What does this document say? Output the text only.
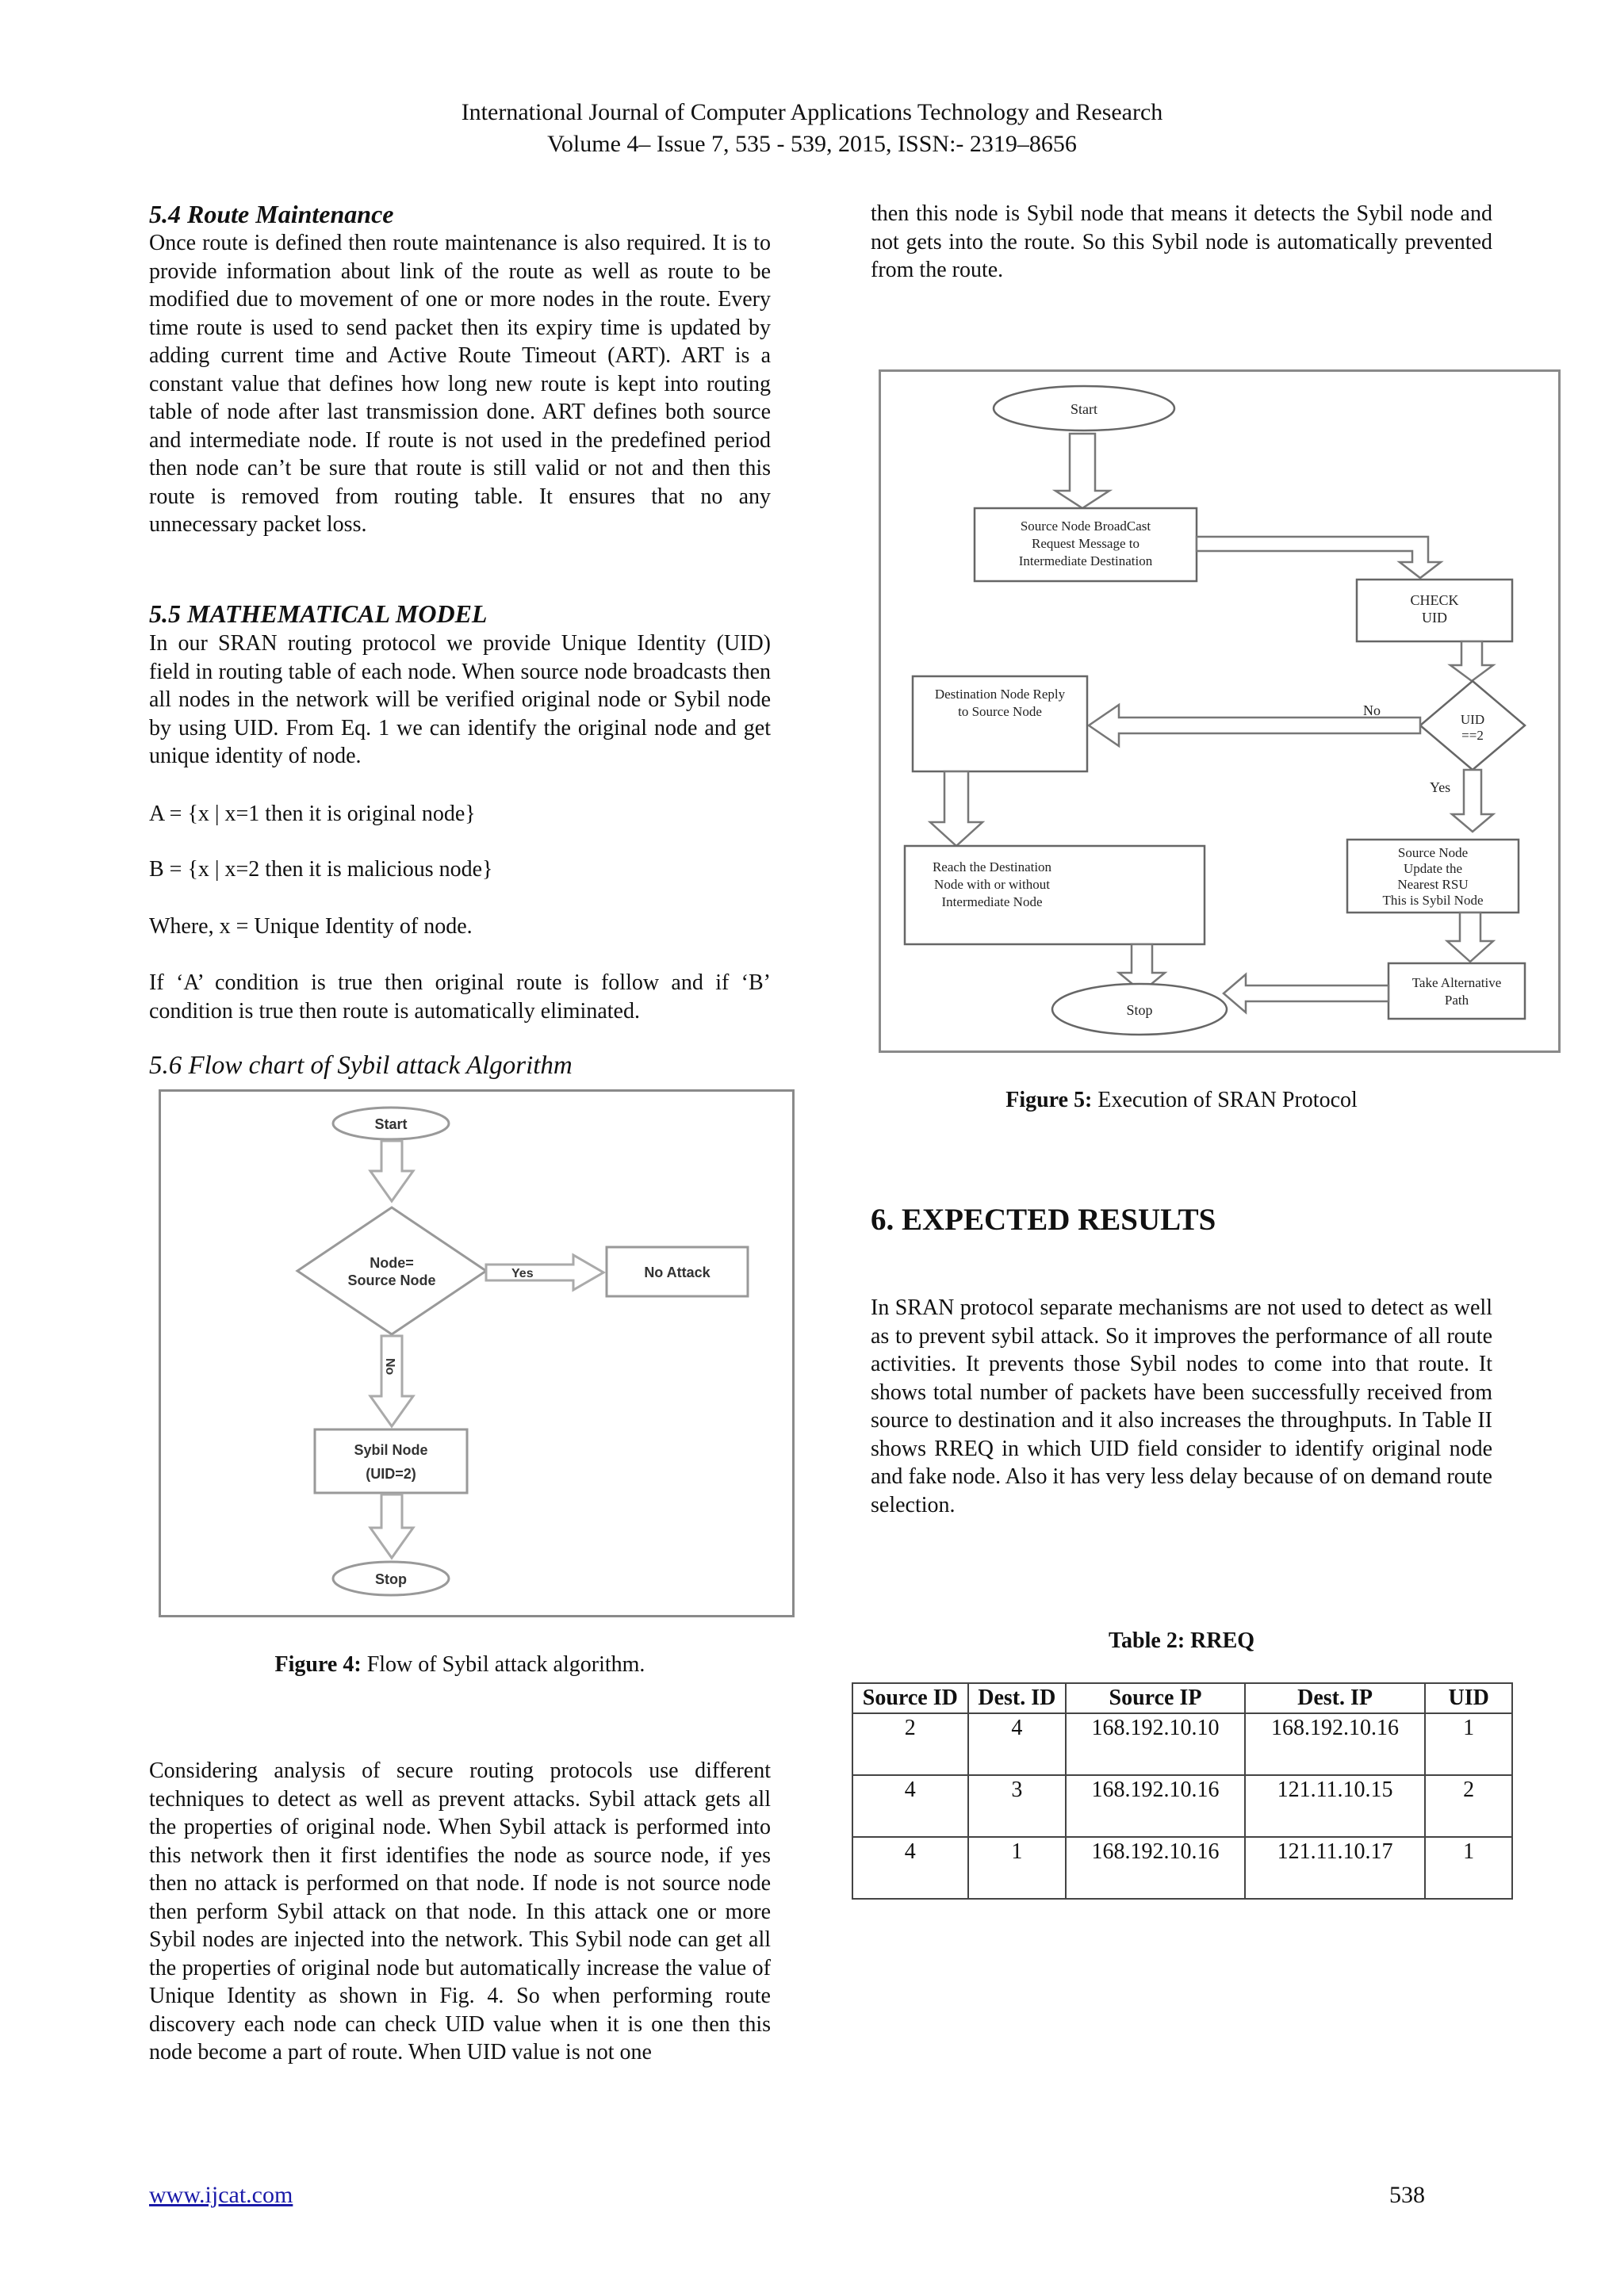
International Journal of Computer Applications Technology and Research
Volume 4– Issue 7, 535 - 539, 2015, ISSN:- 2319–8656
5.4 Route Maintenance

Once route is defined then route maintenance is also required. It is to provide information about link of the route as well as route to be modified due to movement of one or more nodes in the route. Every time route is used to send packet then its expiry time is updated by adding current time and Active Route Timeout (ART). ART is a constant value that defines how long new route is kept into routing table of node after last transmission done. ART defines both source and intermediate node. If route is not used in the predefined period then node can’t be sure that route is still valid or not and then this route is removed from routing table. It ensures that no any unnecessary packet loss.

5.5 MATHEMATICAL MODEL

In our SRAN routing protocol we provide Unique Identity (UID) field in routing table of each node. When source node broadcasts then all nodes in the network will be verified original node or Sybil node by using UID. From Eq. 1 we can identify the original node and get unique identity of node.

A = {x | x=1 then it is original node}
B = {x | x=2 then it is malicious node}
Where, x = Unique Identity of node.

If ‘A’ condition is true then original route is follow and if ‘B’ condition is true then route is automatically eliminated.

5.6 Flow chart of Sybil attack Algorithm
Start
Node=
Source Node	Yes	No Attack
No
Sybil Node
(UID=2)
Stop
Figure 4: Flow of Sybil attack algorithm.

Considering analysis of secure routing protocols use different techniques to detect as well as prevent attacks. Sybil attack gets all the properties of original node. When Sybil attack is performed into this network then it first identifies the node as source node, if yes then no attack is performed on that node. If node is not source node then perform Sybil attack on that node. In this attack one or more Sybil nodes are injected into the network. This Sybil node can get all the properties of original node but automatically increase the value of Unique Identity as shown in Fig. 4. So when performing route discovery each node can check UID value when it is one then this node become a part of route. When UID value is not one

then this node is Sybil node that means it detects the Sybil node and not gets into the route. So this Sybil node is automatically prevented from the route.

Start
Source Node BroadCast
Request Message to
Intermediate Destination
CHECK
UID
UID
==2
No
Destination Node Reply
to Source Node
Yes
Reach the Destination
Node with or without
Intermediate Node
Source Node
Update the
Nearest RSU
This is Sybil Node
Take Alternative
Path
Stop
Figure 5: Execution of SRAN Protocol
6. EXPECTED RESULTS

In SRAN protocol separate mechanisms are not used to detect as well as to prevent sybil attack. So it improves the performance of all route activities. It prevents those Sybil nodes to come into that route. It shows total number of packets have been successfully received from source to destination and it also increases the throughputs. In Table II shows RREQ in which UID field consider to identify original node and fake node. Also it has very less delay because of on demand route selection.

Table 2: RREQ
Source ID	Dest. ID	Source IP	Dest. IP	UID
2	4	168.192.10.10	168.192.10.16	1
4	3	168.192.10.16	121.11.10.15	2
4	1	168.192.10.16	121.11.10.17	1
www.ijcat.com	538
